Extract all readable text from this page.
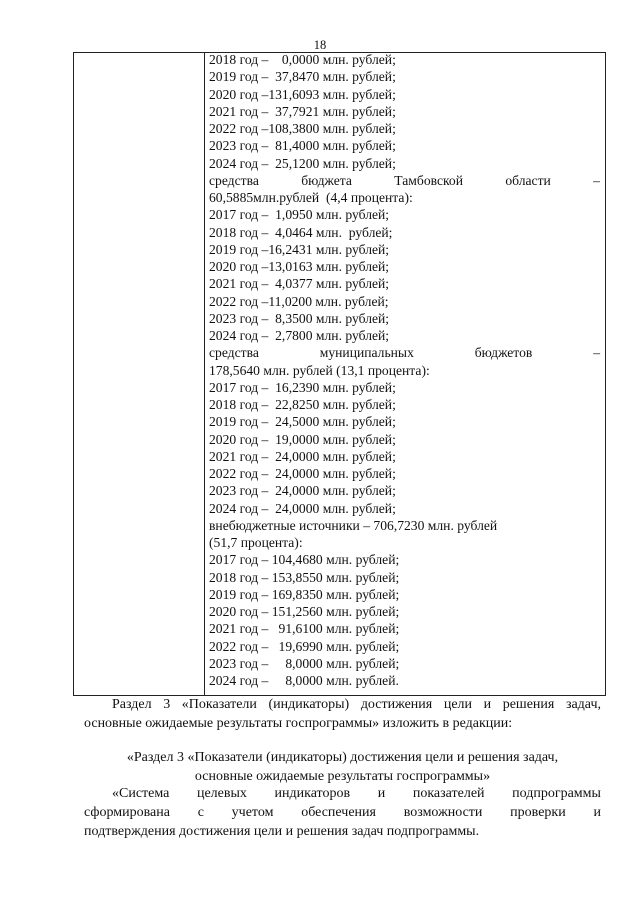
18
2018 год –    0,0000 млн. рублей;
2019 год –  37,8470 млн. рублей;
2020 год –131,6093 млн. рублей;
2021 год –  37,7921 млн. рублей;
2022 год –108,3800 млн. рублей;
2023 год –  81,4000 млн. рублей;
2024 год –  25,1200 млн. рублей;
средства	бюджета	Тамбовской	области	–
60,5885млн.рублей  (4,4 процента):
2017 год –  1,0950 млн. рублей;
2018 год –  4,0464 млн.  рублей;
2019 год –16,2431 млн. рублей;
2020 год –13,0163 млн. рублей;
2021 год –  4,0377 млн. рублей;
2022 год –11,0200 млн. рублей;
2023 год –  8,3500 млн. рублей;
2024 год –  2,7800 млн. рублей;
средства	муниципальных	бюджетов	–
178,5640 млн. рублей (13,1 процента):
2017 год –  16,2390 млн. рублей;
2018 год –  22,8250 млн. рублей;
2019 год –  24,5000 млн. рублей;
2020 год –  19,0000 млн. рублей;
2021 год –  24,0000 млн. рублей;
2022 год –  24,0000 млн. рублей;
2023 год –  24,0000 млн. рублей;
2024 год –  24,0000 млн. рублей;
внебюджетные источники – 706,7230 млн. рублей
(51,7 процента):
2017 год – 104,4680 млн. рублей;
2018 год – 153,8550 млн. рублей;
2019 год – 169,8350 млн. рублей;
2020 год – 151,2560 млн. рублей;
2021 год –   91,6100 млн. рублей;
2022 год –   19,6990 млн. рублей;
2023 год –     8,0000 млн. рублей;
2024 год –     8,0000 млн. рублей.
Раздел 3 «Показатели (индикаторы) достижения цели и решения задач,
основные ожидаемые результаты госпрограммы» изложить в редакции:
«Раздел 3 «Показатели (индикаторы) достижения цели и решения задач,
основные ожидаемые результаты госпрограммы»
«Система целевых индикаторов и показателей подпрограммы
сформирована с учетом обеспечения возможности проверки и
подтверждения достижения цели и решения задач подпрограммы.
